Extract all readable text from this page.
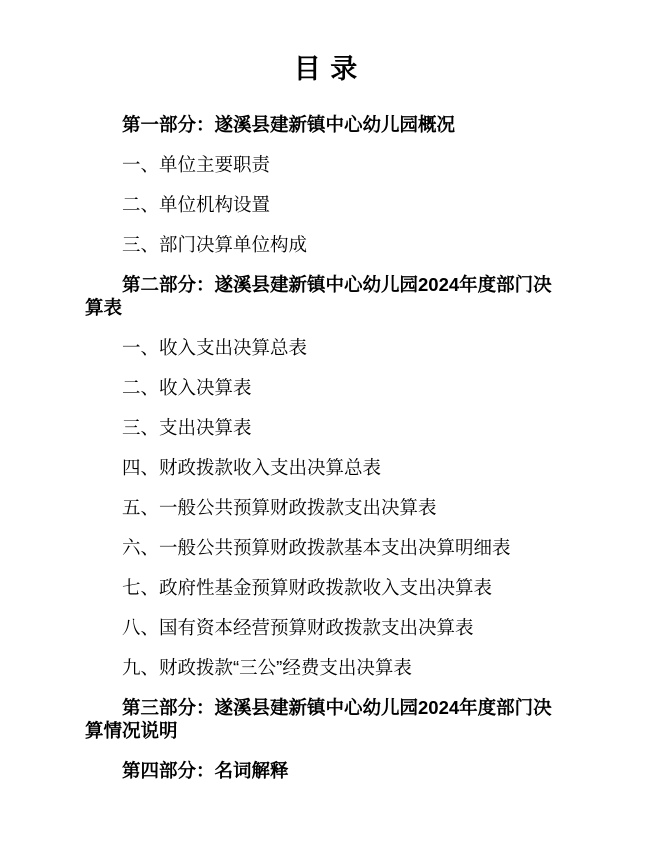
目 录

第一部分：遂溪县建新镇中心幼儿园概况

一、单位主要职责

二、单位机构设置

三、部门决算单位构成

第二部分：遂溪县建新镇中心幼儿园2024年度部门决算表

一、收入支出决算总表

二、收入决算表

三、支出决算表

四、财政拨款收入支出决算总表

五、一般公共预算财政拨款支出决算表

六、一般公共预算财政拨款基本支出决算明细表

七、政府性基金预算财政拨款收入支出决算表

八、国有资本经营预算财政拨款支出决算表

九、财政拨款“三公”经费支出决算表

第三部分：遂溪县建新镇中心幼儿园2024年度部门决算情况说明

第四部分：名词解释
